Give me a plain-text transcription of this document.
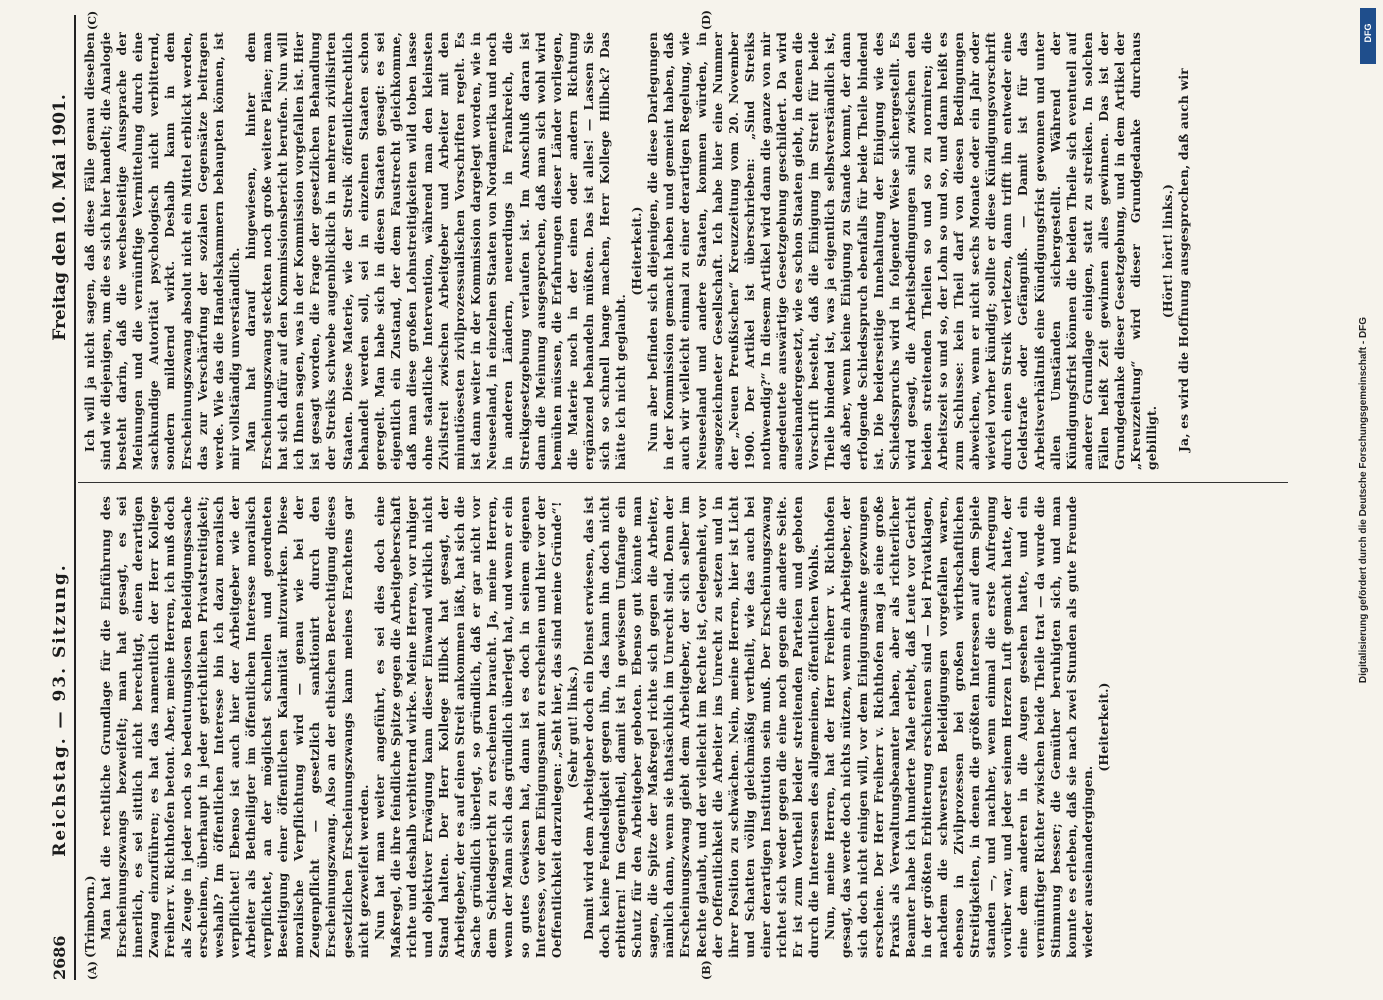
2686
Reichstag. — 93. Sitzung.
Freitag den 10. Mai 1901.
(A)	(B)
(C)	(D)

(Trimborn.) Man hat die rechtliche Grundlage für die Einführung des Erscheinungszwangs bezweifelt; man hat gesagt, es sei innerlich, es sei sittlich nicht berechtigt, einen derartigen Zwang einzuführen; es hat das namentlich der Herr Kollege Freiherr v. Richthofen betont. Aber, meine Herren, ich muß doch als Zeuge in jeder noch so bedeutungslosen Beleidigungssache erscheinen, überhaupt in jeder gerichtlichen Privatstreitigkeit; weshalb? Im öffentlichen Interesse bin ich dazu moralisch verpflichtet! Ebenso ist auch hier der Arbeitgeber wie der Arbeiter als Betheiligter im öffentlichen Interesse moralisch verpflichtet, an der möglichst schnellen und geordneten Beseitigung einer öffentlichen Kalamität mitzuwirken. Diese moralische Verpflichtung wird — genau wie bei der Zeugenpflicht — gesetzlich sanktionirt durch den Erscheinungszwang. Also an der ethischen Berechtigung dieses gesetzlichen Erscheinungszwangs kann meines Erachtens gar nicht gezweifelt werden. Nun hat man weiter angeführt, es sei dies doch eine Maßregel, die ihre feindliche Spitze gegen die Arbeitgeberschaft richte und deshalb verbitternd wirke. Meine Herren, vor ruhiger und objektiver Erwägung kann dieser Einwand wirklich nicht Stand halten. Der Herr Kollege Hilbck hat gesagt, der Arbeitgeber, der es auf einen Streit ankommen läßt, hat sich die Sache gründlich überlegt, so gründlich, daß er gar nicht vor dem Schiedsgericht zu erscheinen braucht. Ja, meine Herren, wenn der Mann sich das gründlich überlegt hat, und wenn er ein so gutes Gewissen hat, dann ist es doch in seinem eigenen Interesse, vor dem Einigungsamt zu erscheinen und hier vor der Oeffentlichkeit darzulegen: „Seht hier, das sind meine Gründe“! (Sehr gut! links.) Damit wird dem Arbeitgeber doch ein Dienst erwiesen, das ist doch keine Feindseligkeit gegen ihn, das kann ihn doch nicht erbittern! Im Gegentheil, damit ist in gewissem Umfange ein Schutz für den Arbeitgeber geboten. Ebenso gut könnte man sagen, die Spitze der Maßregel richte sich gegen die Arbeiter, nämlich dann, wenn sie thatsächlich im Unrecht sind. Denn der Erscheinungszwang giebt dem Arbeitgeber, der sich selber im Rechte glaubt, und der vielleicht im Rechte ist, Gelegenheit, vor der Oeffentlichkeit die Arbeiter ins Unrecht zu setzen und in ihrer Position zu schwächen. Nein, meine Herren, hier ist Licht und Schatten völlig gleichmäßig vertheilt, wie das auch bei einer derartigen Institution sein muß. Der Erscheinungszwang richtet sich weder gegen die eine noch gegen die andere Seite. Er ist zum Vortheil beider streitenden Parteien und geboten durch die Interessen des allgemeinen, öffentlichen Wohls. Nun, meine Herren, hat der Herr Freiherr v. Richthofen gesagt, das werde doch nichts nützen, wenn ein Arbeitgeber, der sich doch nicht einigen will, vor dem Einigungsamte gezwungen erscheine. Der Herr Freiherr v. Richthofen mag ja eine große Praxis als Verwaltungsbeamter haben, aber als richterlicher Beamter habe ich hunderte Male erlebt, daß Leute vor Gericht in der größten Erbitterung erschienen sind — bei Privatklagen, nachdem die schwersten Beleidigungen vorgefallen waren, ebenso in Zivilprozessen bei großen wirthschaftlichen Streitigkeiten, in denen die größten Interessen auf dem Spiele standen —, und nachher, wenn einmal die erste Aufregung vorüber war, und jeder seinem Herzen Luft gemacht hatte, der eine dem anderen in die Augen gesehen hatte, und ein vernünftiger Richter zwischen beide Theile trat — da wurde die Stimmung besser; die Gemüther beruhigten sich, und man konnte es erleben, daß sie nach zwei Stunden als gute Freunde wieder auseinandergingen.

(Heiterkeit.)

Ich will ja nicht sagen, daß diese Fälle genau dieselben sind wie diejenigen, um die es sich hier handelt; die Analogie besteht darin, daß die wechselseitige Aussprache der Meinungen und die vernünftige Vermittelung durch eine sachkundige Autorität psychologisch nicht verbitternd, sondern mildernd wirkt. Deshalb kann in dem Erscheinungszwang absolut nicht ein Mittel erblickt werden, das zur Verschärfung der sozialen Gegensätze beitragen werde. Wie das die Handelskammern behaupten können, ist mir vollständig unverständlich. Man hat darauf hingewiesen, hinter dem Erscheinungszwang steckten noch große weitere Pläne; man hat sich dafür auf den Kommissionsbericht berufen. Nun will ich Ihnen sagen, was in der Kommission vorgefallen ist. Hier ist gesagt worden, die Frage der gesetzlichen Behandlung der Streiks schwebe augenblicklich in mehreren zivilisirten Staaten. Diese Materie, wie der Streik öffentlichrechtlich behandelt werden soll, sei in einzelnen Staaten schon geregelt. Man habe sich in diesen Staaten gesagt: es sei eigentlich ein Zustand, der dem Faustrecht gleichkomme, daß man diese großen Lohnstreitigkeiten wild toben lasse ohne staatliche Intervention, während man den kleinsten Zivilstreit zwischen Arbeitgeber und Arbeiter mit den minutiösesten zivilprozessualischen Vorschriften regelt. Es ist dann weiter in der Kommission dargelegt worden, wie in Neuseeland, in einzelnen Staaten von Nordamerika und noch in anderen Ländern, neuerdings in Frankreich, die Streikgesetzgebung verlaufen ist. Im Anschluß daran ist dann die Meinung ausgesprochen, daß man sich wohl wird bemühen müssen, die Erfahrungen dieser Länder vorliegen, die Materie noch in der einen oder andern Richtung ergänzend behandeln müßten. Das ist alles! — Lassen Sie sich so schnell bange machen, Herr Kollege Hilbck? Das hätte ich nicht geglaubt.

(Heiterkeit.) Nun aber befinden sich diejenigen, die diese Darlegungen in der Kommission gemacht haben und gemeint haben, daß auch wir vielleicht einmal zu einer derartigen Regelung, wie Neuseeland und andere Staaten, kommen würden, in ausgezeichneter Gesellschaft. Ich habe hier eine Nummer der „Neuen Preußischen“ Kreuzzeitung vom 20. November 1900. Der Artikel ist überschrieben: „Sind Streiks nothwendig?“ In diesem Artikel wird dann die ganze von mir angedeutete auswärtige Gesetzgebung geschildert. Da wird auseinandergesetzt, wie es schon Staaten giebt, in denen die Vorschrift besteht, daß die Einigung im Streit für beide Theile bindend ist, was ja eigentlich selbstverständlich ist, daß aber, wenn keine Einigung zu Stande kommt, der dann erfolgende Schiedsspruch ebenfalls für beide Theile bindend ist. Die beiderseitige Innehaltung der Einigung wie des Schiedsspruchs wird in folgender Weise sichergestellt. Es wird gesagt, die Arbeitsbedingungen sind zwischen den beiden streitenden Theilen so und so zu normiren; die Arbeitszeit so und so, der Lohn so und so, und dann heißt es zum Schlusse: kein Theil darf von diesen Bedingungen abweichen, wenn er nicht sechs Monate oder ein Jahr oder wieviel vorher kündigt; sollte er diese Kündigungsvorschrift durch einen Streik verletzen, dann trifft ihn entweder eine Geldstrafe oder Gefängniß. — Damit ist für das Arbeitsverhältniß eine Kündigungsfrist gewonnen und unter allen Umständen sichergestellt. Während der Kündigungsfrist können die beiden Theile sich eventuell auf anderer Grundlage einigen, statt zu streiken. In solchen Fällen heißt Zeit gewinnen alles gewinnen. Das ist der Grundgedanke dieser Gesetzgebung, und in dem Artikel der „Kreuzzeitung“ wird dieser Grundgedanke durchaus gebilligt.

(Hört! hört! links.) Ja, es wird die Hoffnung ausgesprochen, daß auch wir

Digitalisierung gefördert durch die Deutsche Forschungsgemeinschaft - DFG
DFG
